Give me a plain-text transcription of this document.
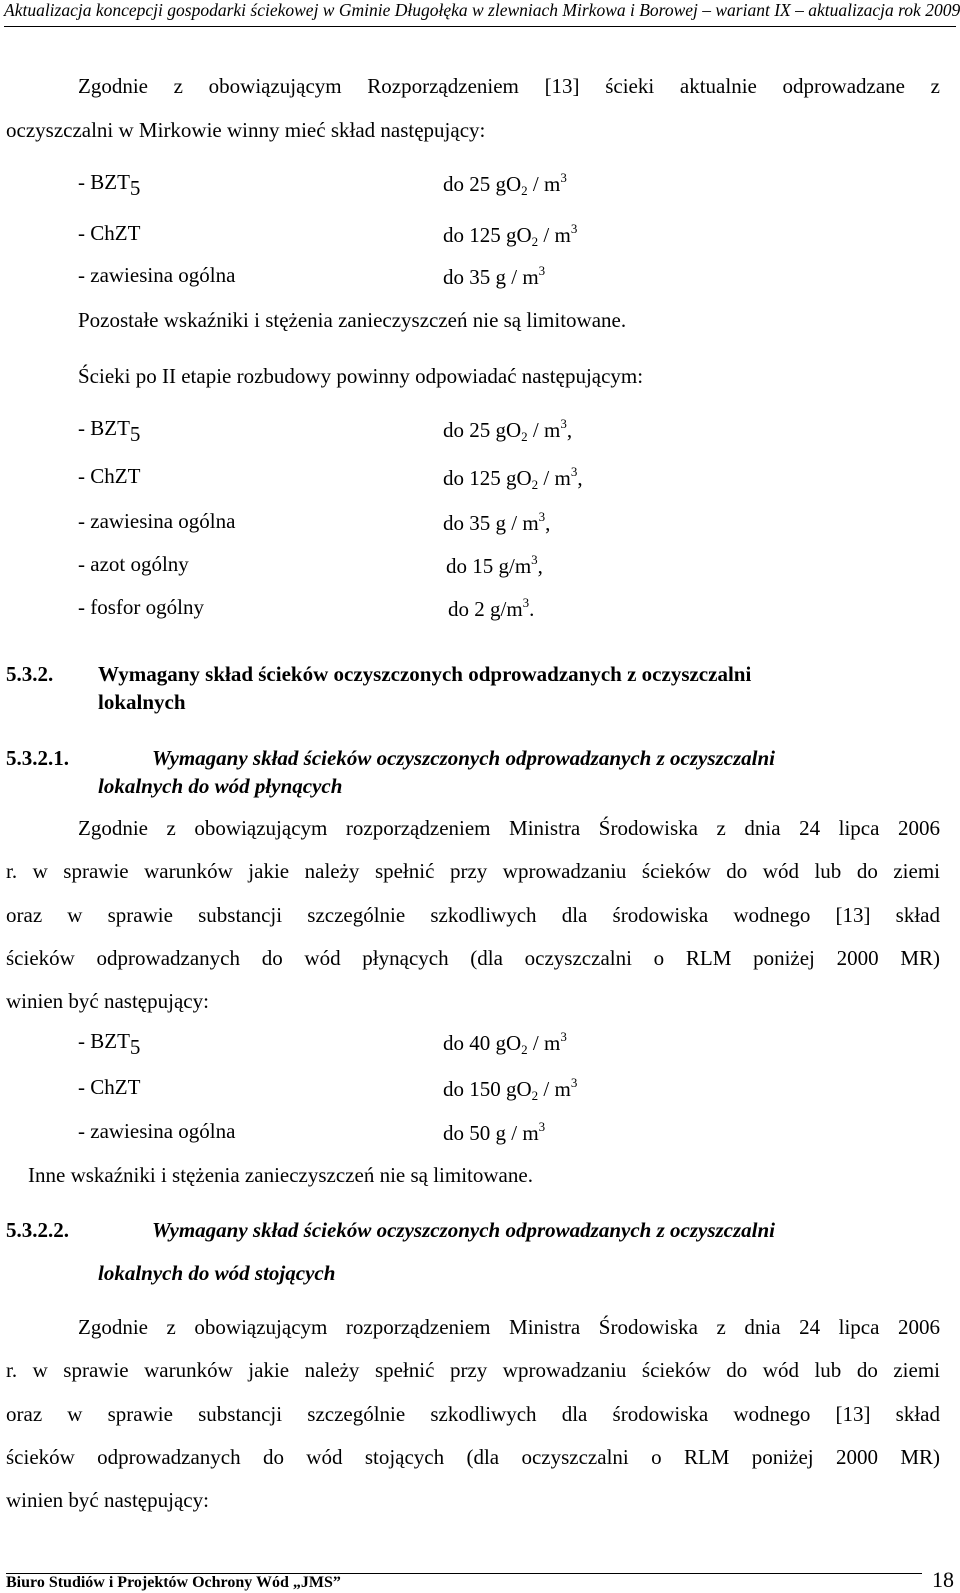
Aktualizacja koncepcji gospodarki ściekowej w Gminie Długołęka w zlewniach Mirkowa i Borowej – wariant IX – aktualizacja rok 2009
Zgodnie z obowiązującym Rozporządzeniem [13] ścieki aktualnie odprowadzane z
oczyszczalni w Mirkowie winny mieć skład następujący:
- BZT5	do 25 $gO_2 / m^3$
- ChZT	do 125 $gO_2 / m^3$
- zawiesina ogólna	do 35 g / $m^3$
Pozostałe wskaźniki i stężenia zanieczyszczeń nie są limitowane.
Ścieki po II etapie rozbudowy powinny odpowiadać następującym:
- BZT5	do 25 $gO_2 / m^3$,
- ChZT	do 125 $gO_2 / m^3$,
- zawiesina ogólna	do 35 g / $m^3$,
- azot ogólny	do 15 $g/m^3$,
- fosfor ogólny	do 2 $g/m^3$.
5.3.2. Wymagany skład ścieków oczyszczonych odprowadzanych z oczyszczalni
lokalnych
5.3.2.1.	Wymagany skład ścieków oczyszczonych odprowadzanych z oczyszczalni
lokalnych do wód płynących
Zgodnie z obowiązującym rozporządzeniem Ministra Środowiska z dnia 24 lipca 2006
r. w sprawie warunków jakie należy spełnić przy wprowadzaniu ścieków do wód lub do ziemi
oraz w sprawie substancji szczególnie szkodliwych dla środowiska wodnego [13] skład
ścieków odprowadzanych do wód płynących (dla oczyszczalni o RLM poniżej 2000 MR)
winien być następujący:
- BZT5	do 40 $gO_2 / m^3$
- ChZT	do 150 $gO_2 / m^3$
- zawiesina ogólna	do 50 g / $m^3$
Inne wskaźniki i stężenia zanieczyszczeń nie są limitowane.
5.3.2.2.	Wymagany skład ścieków oczyszczonych odprowadzanych z oczyszczalni
lokalnych do wód stojących
Zgodnie z obowiązującym rozporządzeniem Ministra Środowiska z dnia 24 lipca 2006
r. w sprawie warunków jakie należy spełnić przy wprowadzaniu ścieków do wód lub do ziemi
oraz w sprawie substancji szczególnie szkodliwych dla środowiska wodnego [13] skład
ścieków odprowadzanych do wód stojących (dla oczyszczalni o RLM poniżej 2000 MR)
winien być następujący:
Biuro Studiów i Projektów Ochrony Wód „JMS”	18
